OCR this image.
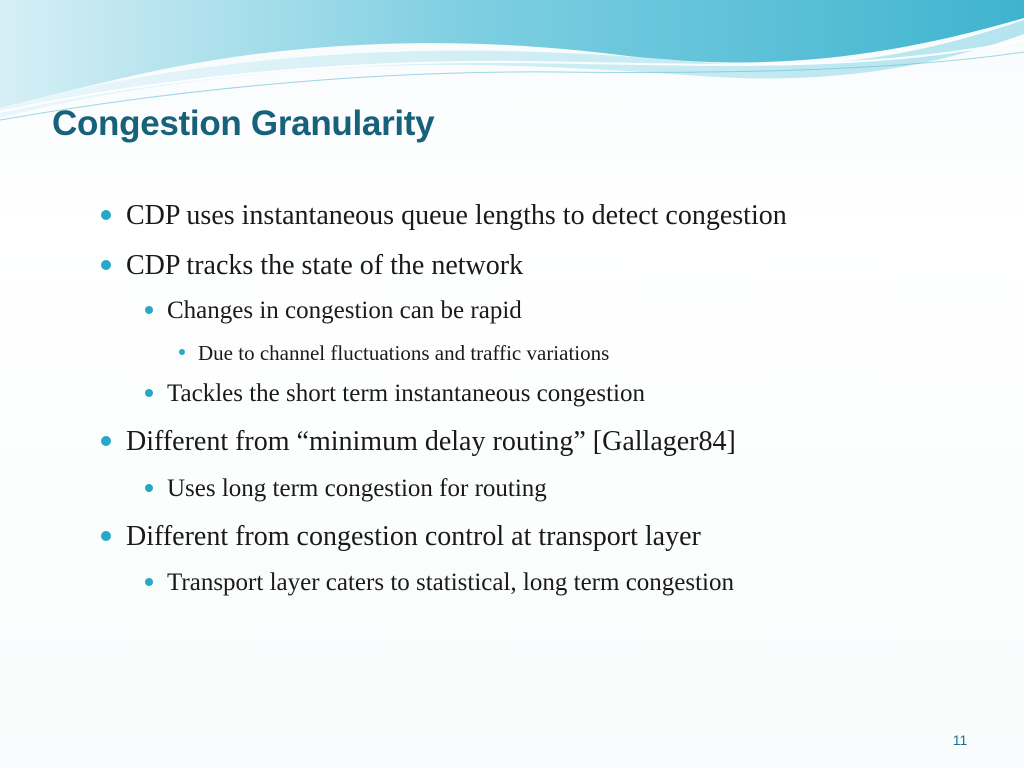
Congestion Granularity
CDP uses instantaneous queue lengths to detect congestion
CDP tracks the state of the network
Changes in congestion can be rapid
Due to channel fluctuations and traffic variations
Tackles the short term instantaneous congestion
Different from “minimum delay routing” [Gallager84]
Uses long term congestion for routing
Different from congestion control at transport layer
Transport layer caters to statistical, long term congestion
11
